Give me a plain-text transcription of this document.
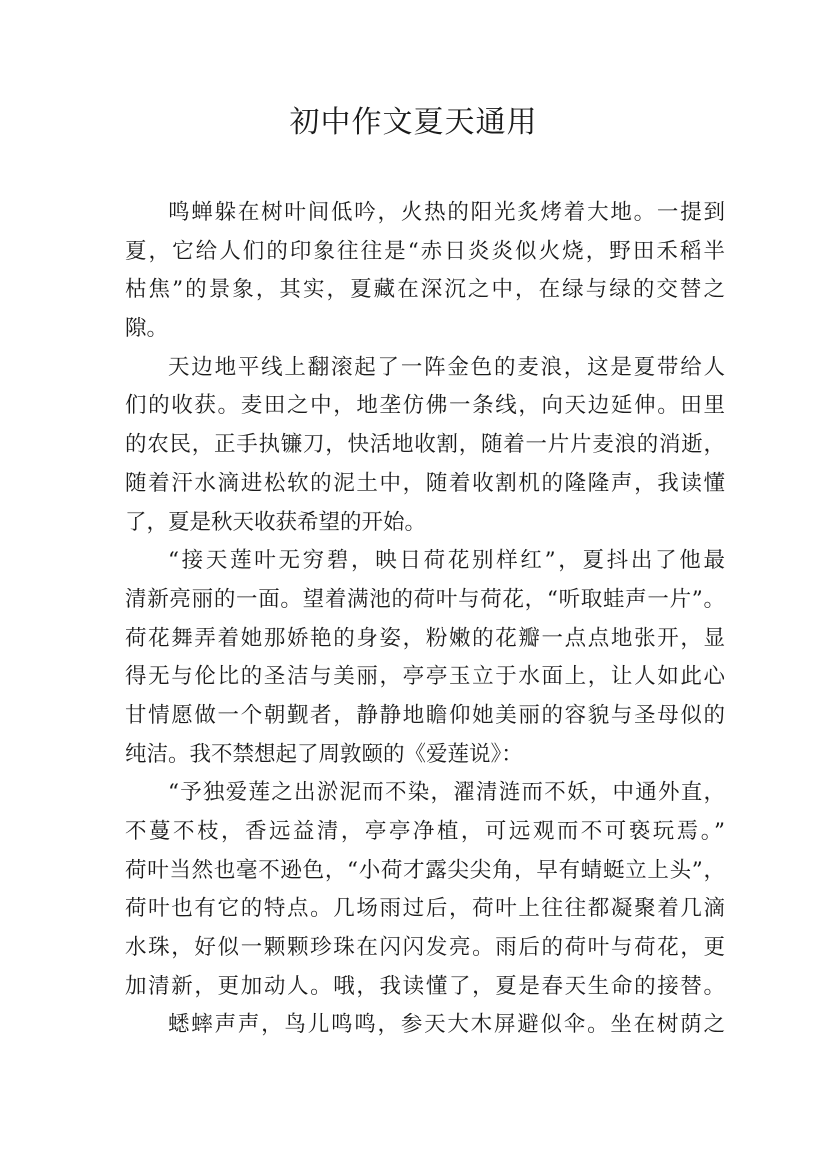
初中作文夏天通用
鸣蝉躲在树叶间低吟，火热的阳光炙烤着大地。一提到
夏，它给人们的印象往往是“赤日炎炎似火烧，野田禾稻半
枯焦”的景象，其实，夏藏在深沉之中，在绿与绿的交替之
隙。
天边地平线上翻滚起了一阵金色的麦浪，这是夏带给人
们的收获。麦田之中，地垄仿佛一条线，向天边延伸。田里
的农民，正手执镰刀，快活地收割，随着一片片麦浪的消逝，
随着汗水滴进松软的泥土中，随着收割机的隆隆声，我读懂
了，夏是秋天收获希望的开始。
“接天莲叶无穷碧，映日荷花别样红”，夏抖出了他最
清新亮丽的一面。望着满池的荷叶与荷花，“听取蛙声一片”。
荷花舞弄着她那娇艳的身姿，粉嫩的花瓣一点点地张开，显
得无与伦比的圣洁与美丽，亭亭玉立于水面上，让人如此心
甘情愿做一个朝觐者，静静地瞻仰她美丽的容貌与圣母似的
纯洁。我不禁想起了周敦颐的《爱莲说》：
“予独爱莲之出淤泥而不染，濯清涟而不妖，中通外直，
不蔓不枝，香远益清，亭亭净植，可远观而不可亵玩焉。”
荷叶当然也毫不逊色，“小荷才露尖尖角，早有蜻蜓立上头”，
荷叶也有它的特点。几场雨过后，荷叶上往往都凝聚着几滴
水珠，好似一颗颗珍珠在闪闪发亮。雨后的荷叶与荷花，更
加清新，更加动人。哦，我读懂了，夏是春天生命的接替。
蟋蟀声声，鸟儿鸣鸣，参天大木屏避似伞。坐在树荫之
